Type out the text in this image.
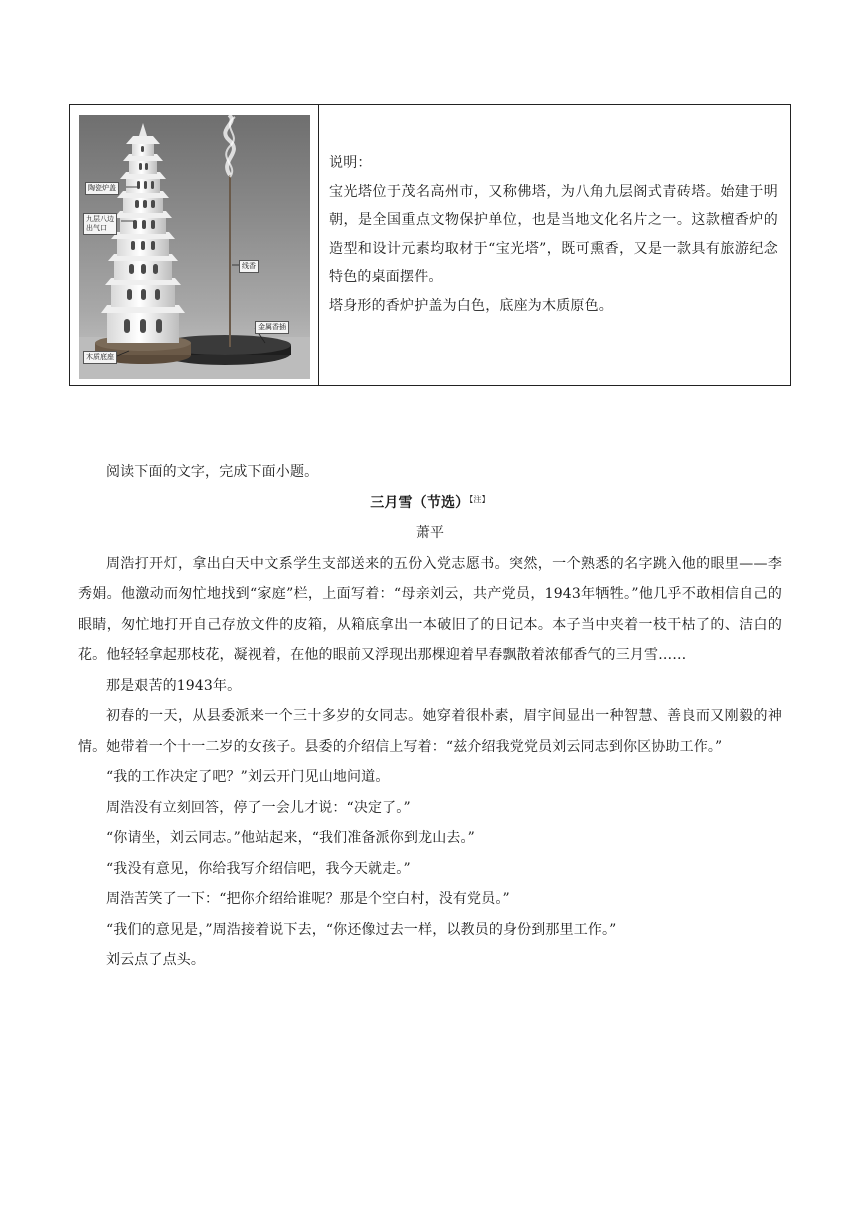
陶瓷炉盖
九层八边
出气口
线香
金属香插
木质底座

说明：

宝光塔位于茂名高州市，又称佛塔，为八角九层阁式青砖塔。始建于明朝，是全国重点文物保护单位，也是当地文化名片之一。这款檀香炉的造型和设计元素均取材于“宝光塔”，既可熏香，又是一款具有旅游纪念特色的桌面摆件。

塔身形的香炉护盖为白色，底座为木质原色。

阅读下面的文字，完成下面小题。

三月雪（节选）$^{【注】}$

萧平

周浩打开灯，拿出白天中文系学生支部送来的五份入党志愿书。突然，一个熟悉的名字跳入他的眼里——李秀娟。他激动而匆忙地找到“家庭”栏，上面写着：“母亲刘云，共产党员，1943年牺牲。”他几乎不敢相信自己的眼睛，匆忙地打开自己存放文件的皮箱，从箱底拿出一本破旧了的日记本。本子当中夹着一枝干枯了的、洁白的花。他轻轻拿起那枝花，凝视着，在他的眼前又浮现出那棵迎着早春飘散着浓郁香气的三月雪……

那是艰苦的1943年。

初春的一天，从县委派来一个三十多岁的女同志。她穿着很朴素，眉宇间显出一种智慧、善良而又刚毅的神情。她带着一个十一二岁的女孩子。县委的介绍信上写着：“兹介绍我党党员刘云同志到你区协助工作。”

“我的工作决定了吧？”刘云开门见山地问道。

周浩没有立刻回答，停了一会儿才说：“决定了。”

“你请坐，刘云同志。”他站起来，“我们准备派你到龙山去。”

“我没有意见，你给我写介绍信吧，我今天就走。”

周浩苦笑了一下：“把你介绍给谁呢？那是个空白村，没有党员。”

“我们的意见是，”周浩接着说下去，“你还像过去一样，以教员的身份到那里工作。”

刘云点了点头。
